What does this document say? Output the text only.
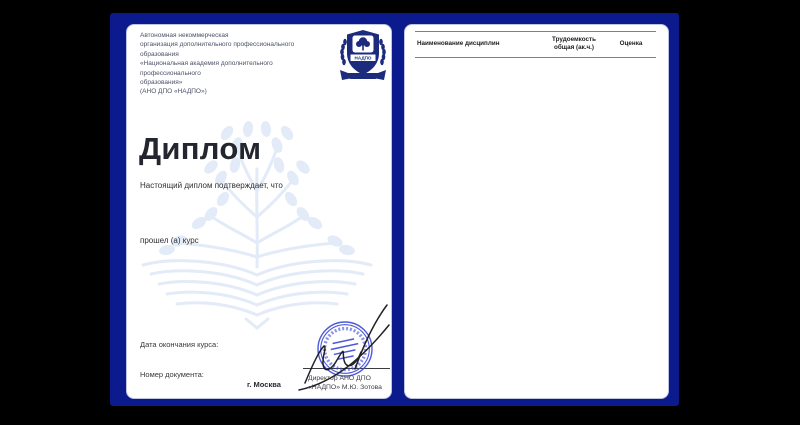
Автономная некоммерческая
организация дополнительного профессионального образования
«Национальная академия дополнительного профессионального
образования»
(АНО ДПО «НАДПО»)
НАДПО
Диплом

Настоящий диплом подтверждает, что

прошел (а) курс

Дата окончания курса:

Номер документа:

г. Москва

Директор АНО ДПО
«НАДПО» М.Ю. Зотова
Наименование дисциплин
Трудоемкость общая (ак.ч.)
Оценка
